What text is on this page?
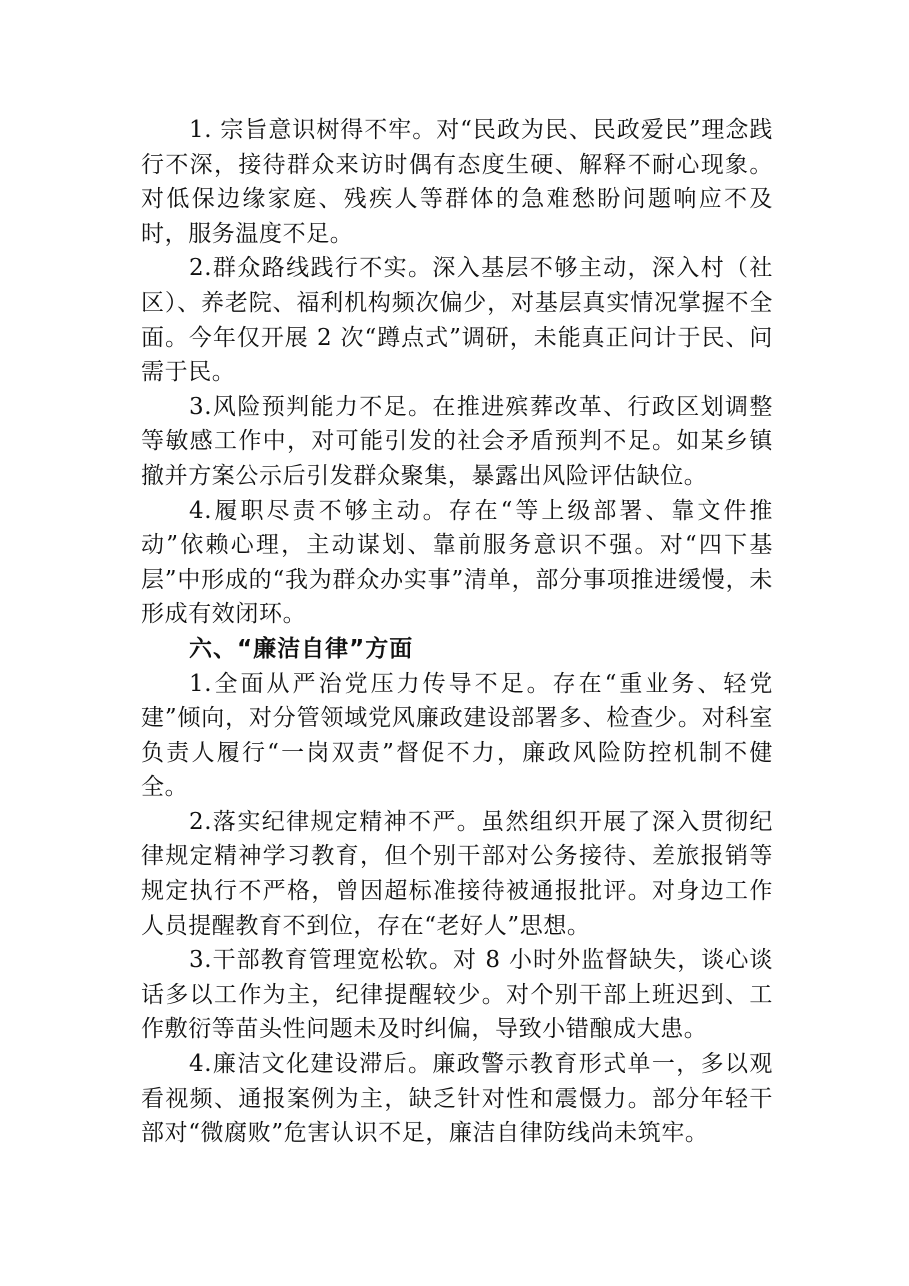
1. 宗旨意识树得不牢。对“民政为民、民政爱民”理念践行不深，接待群众来访时偶有态度生硬、解释不耐心现象。对低保边缘家庭、残疾人等群体的急难愁盼问题响应不及时，服务温度不足。

2.群众路线践行不实。深入基层不够主动，深入村（社区）、养老院、福利机构频次偏少，对基层真实情况掌握不全面。今年仅开展 2 次“蹲点式”调研，未能真正问计于民、问需于民。

3.风险预判能力不足。在推进殡葬改革、行政区划调整等敏感工作中，对可能引发的社会矛盾预判不足。如某乡镇撤并方案公示后引发群众聚集，暴露出风险评估缺位。

4.履职尽责不够主动。存在“等上级部署、靠文件推动”依赖心理，主动谋划、靠前服务意识不强。对“四下基层”中形成的“我为群众办实事”清单，部分事项推进缓慢，未形成有效闭环。

六、“廉洁自律”方面

1.全面从严治党压力传导不足。存在“重业务、轻党建”倾向，对分管领域党风廉政建设部署多、检查少。对科室负责人履行“一岗双责”督促不力，廉政风险防控机制不健全。

2.落实纪律规定精神不严。虽然组织开展了深入贯彻纪律规定精神学习教育，但个别干部对公务接待、差旅报销等规定执行不严格，曾因超标准接待被通报批评。对身边工作人员提醒教育不到位，存在“老好人”思想。

3.干部教育管理宽松软。对 8 小时外监督缺失，谈心谈话多以工作为主，纪律提醒较少。对个别干部上班迟到、工作敷衍等苗头性问题未及时纠偏，导致小错酿成大患。

4.廉洁文化建设滞后。廉政警示教育形式单一，多以观看视频、通报案例为主，缺乏针对性和震慑力。部分年轻干部对“微腐败”危害认识不足，廉洁自律防线尚未筑牢。
